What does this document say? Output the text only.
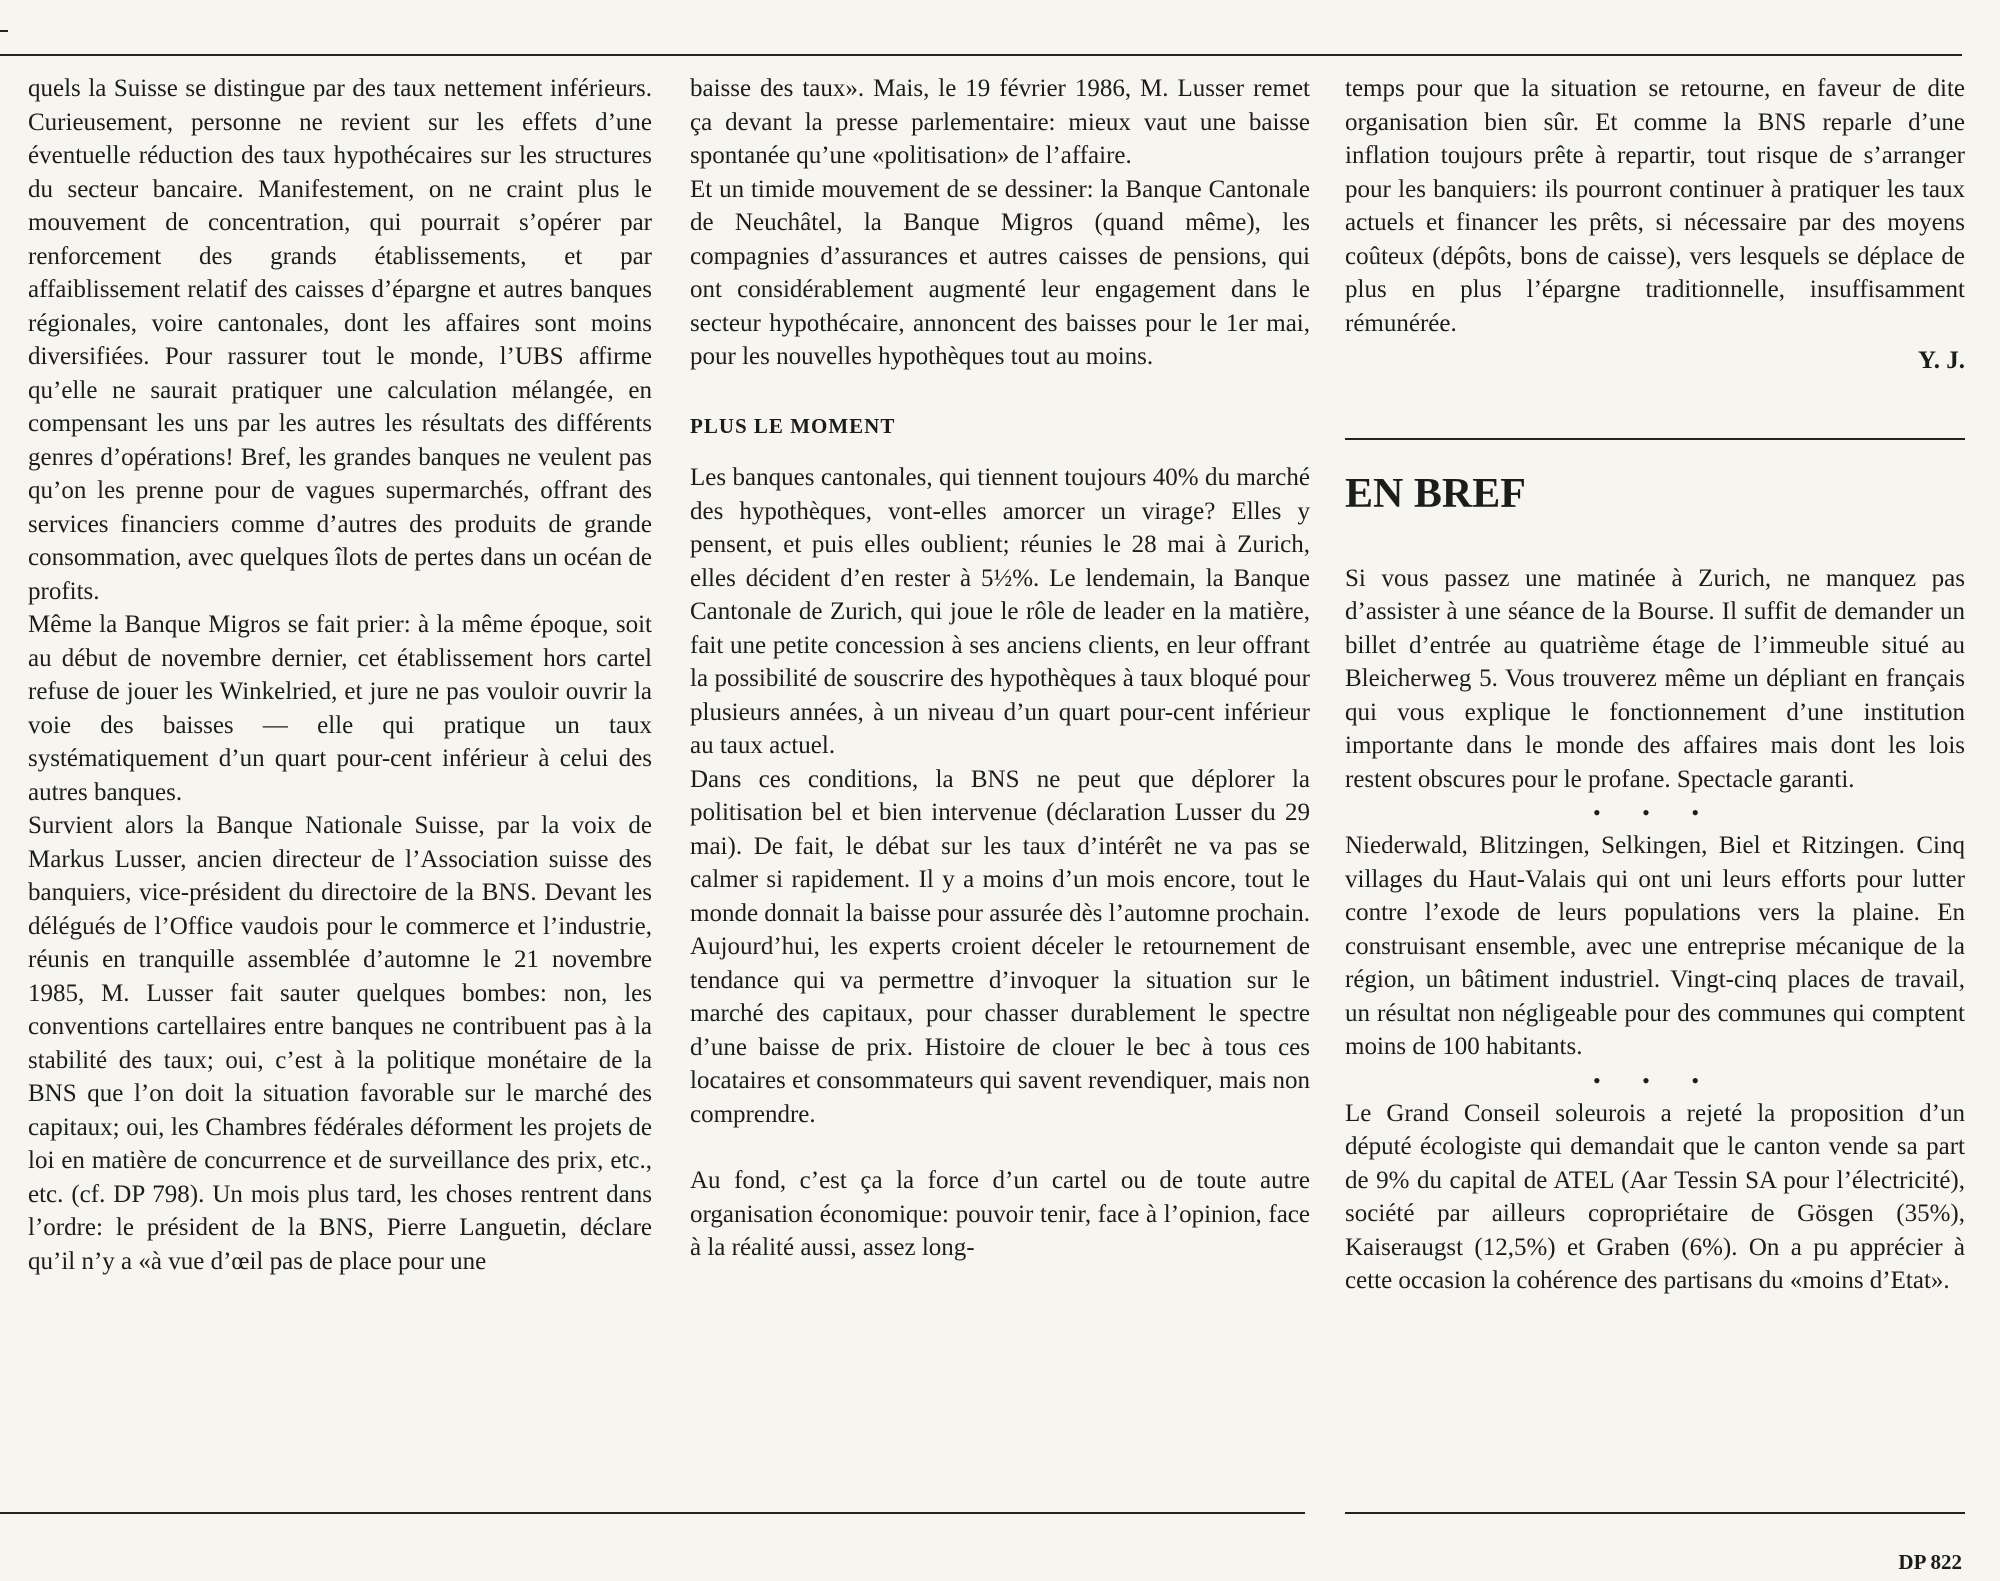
quels la Suisse se distingue par des taux nettement inférieurs. Curieusement, personne ne revient sur les effets d’une éventuelle réduction des taux hypothécaires sur les structures du secteur bancaire. Manifestement, on ne craint plus le mouvement de concentration, qui pourrait s’opérer par renforcement des grands établissements, et par affaiblissement relatif des caisses d’épargne et autres banques régionales, voire cantonales, dont les affaires sont moins diversifiées. Pour rassurer tout le monde, l’UBS affirme qu’elle ne saurait pratiquer une calculation mélangée, en compensant les uns par les autres les résultats des différents genres d’opérations! Bref, les grandes banques ne veulent pas qu’on les prenne pour de vagues supermarchés, offrant des services financiers comme d’autres des produits de grande consommation, avec quelques îlots de pertes dans un océan de profits.

Même la Banque Migros se fait prier: à la même époque, soit au début de novembre dernier, cet établissement hors cartel refuse de jouer les Winkelried, et jure ne pas vouloir ouvrir la voie des baisses — elle qui pratique un taux systématiquement d’un quart pour-cent inférieur à celui des autres banques.

Survient alors la Banque Nationale Suisse, par la voix de Markus Lusser, ancien directeur de l’Association suisse des banquiers, vice-président du directoire de la BNS. Devant les délégués de l’Office vaudois pour le commerce et l’industrie, réunis en tranquille assemblée d’automne le 21 novembre 1985, M. Lusser fait sauter quelques bombes: non, les conventions cartellaires entre banques ne contribuent pas à la stabilité des taux; oui, c’est à la politique monétaire de la BNS que l’on doit la situation favorable sur le marché des capitaux; oui, les Chambres fédérales déforment les projets de loi en matière de concurrence et de surveillance des prix, etc., etc. (cf. DP 798). Un mois plus tard, les choses rentrent dans l’ordre: le président de la BNS, Pierre Languetin, déclare qu’il n’y a «à vue d’œil pas de place pour une

baisse des taux». Mais, le 19 février 1986, M. Lusser remet ça devant la presse parlementaire: mieux vaut une baisse spontanée qu’une «politisation» de l’affaire.

Et un timide mouvement de se dessiner: la Banque Cantonale de Neuchâtel, la Banque Migros (quand même), les compagnies d’assurances et autres caisses de pensions, qui ont considérablement augmenté leur engagement dans le secteur hypothécaire, annoncent des baisses pour le 1er mai, pour les nouvelles hypothèques tout au moins.

PLUS LE MOMENT

Les banques cantonales, qui tiennent toujours 40% du marché des hypothèques, vont-elles amorcer un virage? Elles y pensent, et puis elles oublient; réunies le 28 mai à Zurich, elles décident d’en rester à 5½%. Le lendemain, la Banque Cantonale de Zurich, qui joue le rôle de leader en la matière, fait une petite concession à ses anciens clients, en leur offrant la possibilité de souscrire des hypothèques à taux bloqué pour plusieurs années, à un niveau d’un quart pour-cent inférieur au taux actuel.

Dans ces conditions, la BNS ne peut que déplorer la politisation bel et bien intervenue (déclaration Lusser du 29 mai). De fait, le débat sur les taux d’intérêt ne va pas se calmer si rapidement. Il y a moins d’un mois encore, tout le monde donnait la baisse pour assurée dès l’automne prochain. Aujourd’hui, les experts croient déceler le retournement de tendance qui va permettre d’invoquer la situation sur le marché des capitaux, pour chasser durablement le spectre d’une baisse de prix. Histoire de clouer le bec à tous ces locataires et consommateurs qui savent revendiquer, mais non comprendre.

Au fond, c’est ça la force d’un cartel ou de toute autre organisation économique: pouvoir tenir, face à l’opinion, face à la réalité aussi, assez long-

temps pour que la situation se retourne, en faveur de dite organisation bien sûr. Et comme la BNS reparle d’une inflation toujours prête à repartir, tout risque de s’arranger pour les banquiers: ils pourront continuer à pratiquer les taux actuels et financer les prêts, si nécessaire par des moyens coûteux (dépôts, bons de caisse), vers lesquels se déplace de plus en plus l’épargne traditionnelle, insuffisamment rémunérée.

Y. J.
EN BREF

Si vous passez une matinée à Zurich, ne manquez pas d’assister à une séance de la Bourse. Il suffit de demander un billet d’entrée au quatrième étage de l’immeuble situé au Bleicherweg 5. Vous trouverez même un dépliant en français qui vous explique le fonctionnement d’une institution importante dans le monde des affaires mais dont les lois restent obscures pour le profane. Spectacle garanti.

• • •

Niederwald, Blitzingen, Selkingen, Biel et Ritzingen. Cinq villages du Haut-Valais qui ont uni leurs efforts pour lutter contre l’exode de leurs populations vers la plaine. En construisant ensemble, avec une entreprise mécanique de la région, un bâtiment industriel. Vingt-cinq places de travail, un résultat non négligeable pour des communes qui comptent moins de 100 habitants.

• • •

Le Grand Conseil soleurois a rejeté la proposition d’un député écologiste qui demandait que le canton vende sa part de 9% du capital de ATEL (Aar Tessin SA pour l’électricité), société par ailleurs copropriétaire de Gösgen (35%), Kaiseraugst (12,5%) et Graben (6%). On a pu apprécier à cette occasion la cohérence des partisans du «moins d’Etat».

DP 822
